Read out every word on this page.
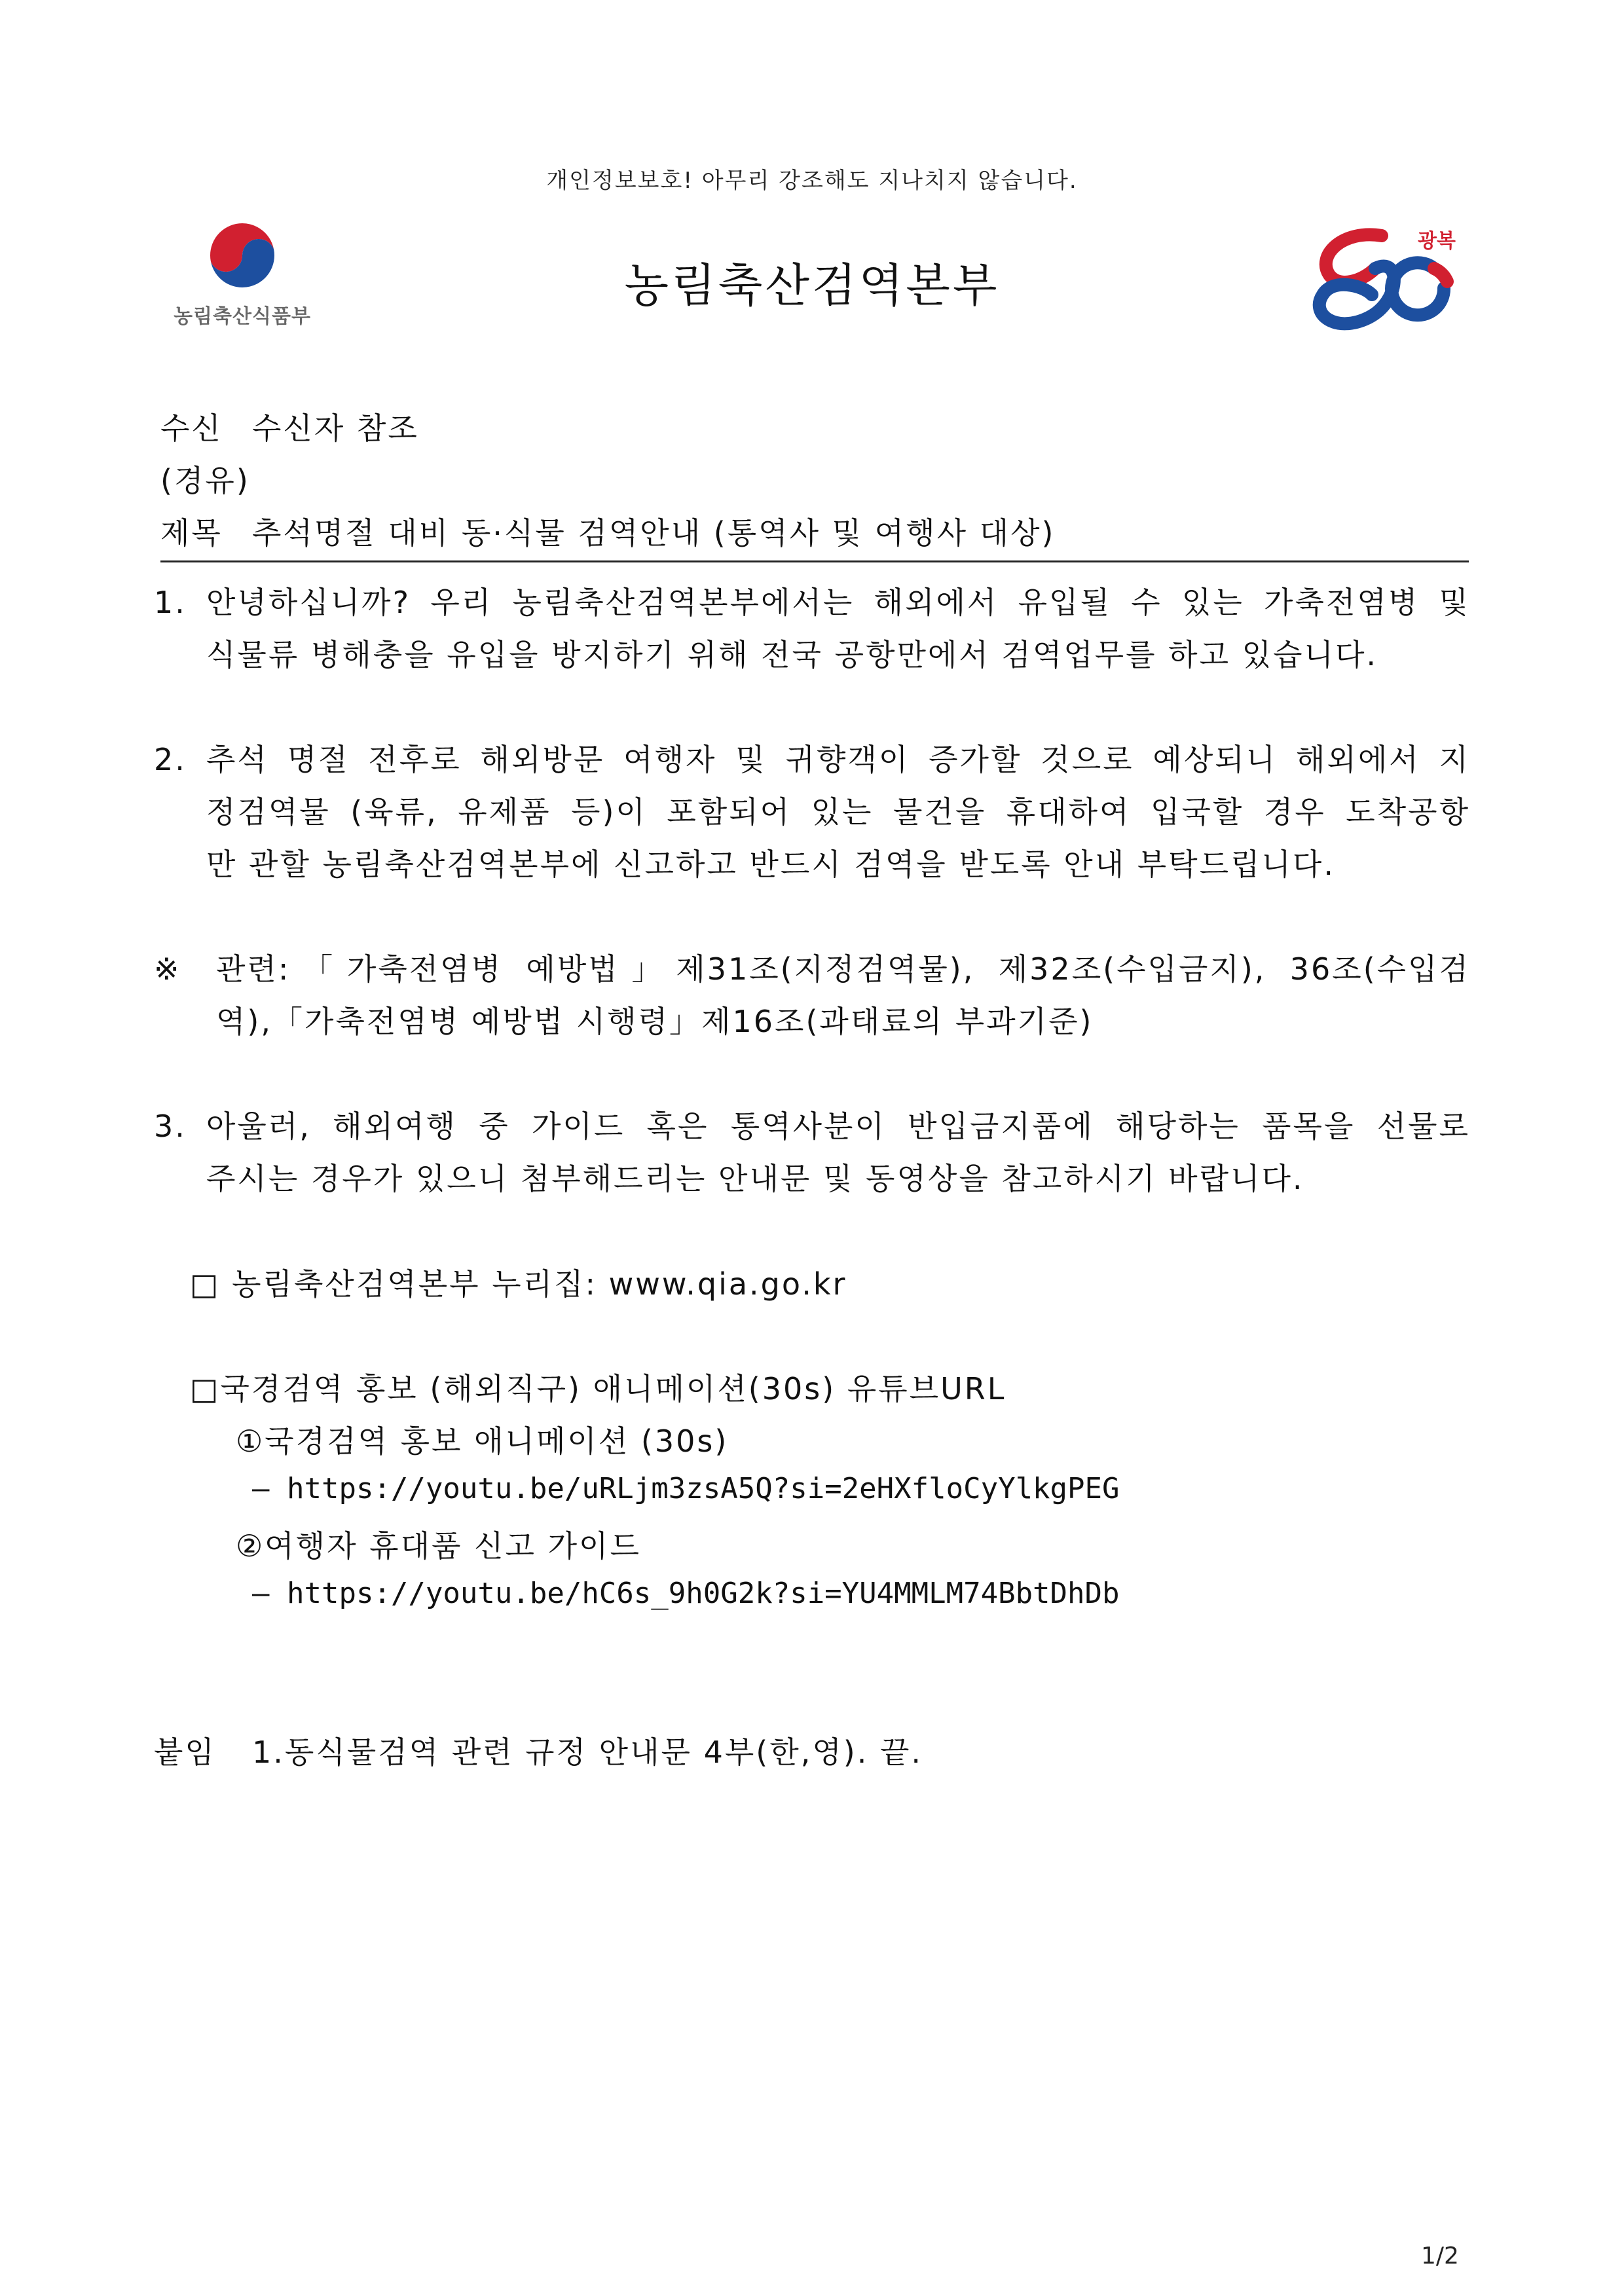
개인정보보호! 아무리 강조해도 지나치지 않습니다.
농림축산식품부
농림축산검역본부
광복
수신 수신자 참조
(경유)
제목 추석명절 대비 동·식물 검역안내 (통역사 및 여행사 대상)
1. 안녕하십니까? 우리 농림축산검역본부에서는 해외에서 유입될 수 있는 가축전염병 및
식물류 병해충을 유입을 방지하기 위해 전국 공항만에서 검역업무를 하고 있습니다.
2. 추석 명절 전후로 해외방문 여행자 및 귀향객이 증가할 것으로 예상되니 해외에서 지
정검역물 (육류, 유제품 등)이 포함되어 있는 물건을 휴대하여 입국할 경우 도착공항
만 관할 농림축산검역본부에 신고하고 반드시 검역을 받도록 안내 부탁드립니다.
※ 관련:「가축전염병 예방법」제31조(지정검역물), 제32조(수입금지), 36조(수입검
역),「가축전염병 예방법 시행령」제16조(과태료의 부과기준)
3. 아울러, 해외여행 중 가이드 혹은 통역사분이 반입금지품에 해당하는 품목을 선물로
주시는 경우가 있으니 첨부해드리는 안내문 및 동영상을 참고하시기 바랍니다.
□ 농림축산검역본부 누리집: www.qia.go.kr
□국경검역 홍보 (해외직구) 애니메이션(30s) 유튜브URL
①국경검역 홍보 애니메이션 (30s)
– https://youtu.be/uRLjm3zsA5Q?si=2eHXfloCyYlkgPEG
②여행자 휴대품 신고 가이드
– https://youtu.be/hC6s_9h0G2k?si=YU4MMLM74BbtDhDb
붙임 1.동식물검역 관련 규정 안내문 4부(한,영). 끝.
1/2
